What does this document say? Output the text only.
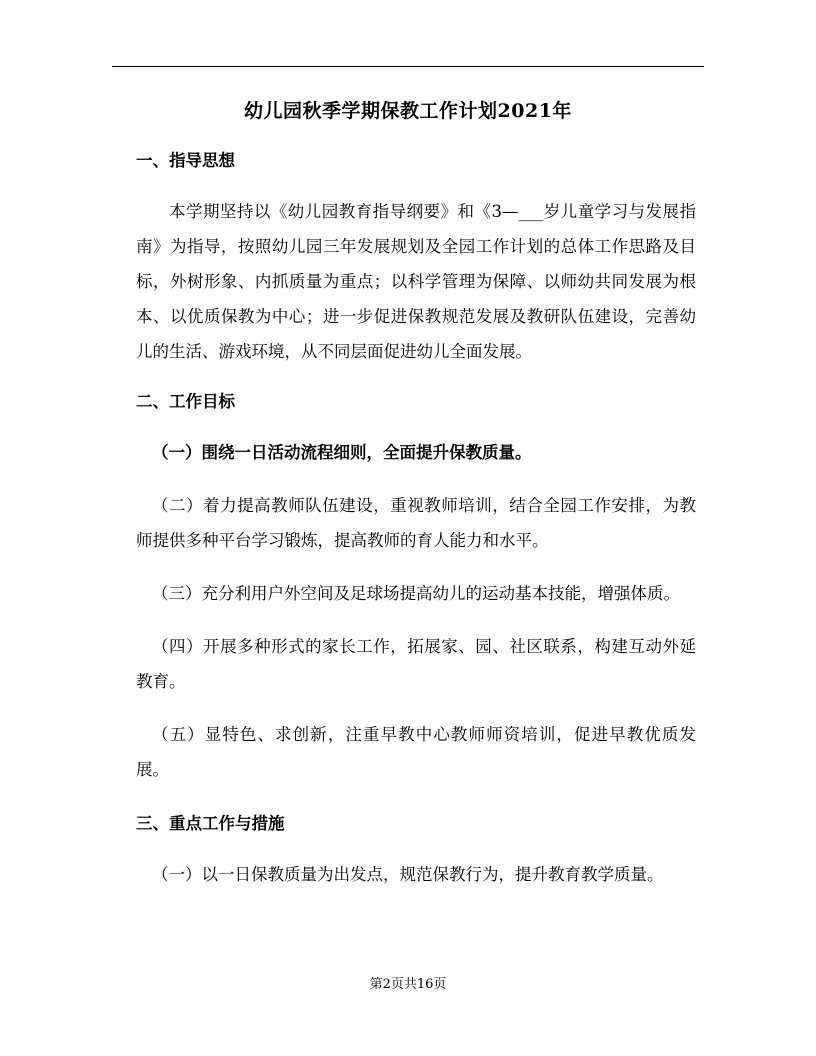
幼儿园秋季学期保教工作计划2021年
一、指导思想

本学期坚持以《幼儿园教育指导纲要》和《3—___岁儿童学习与发展指南》为指导，按照幼儿园三年发展规划及全园工作计划的总体工作思路及目标，外树形象、内抓质量为重点；以科学管理为保障、以师幼共同发展为根本、以优质保教为中心；进一步促进保教规范发展及教研队伍建设，完善幼儿的生活、游戏环境，从不同层面促进幼儿全面发展。

二、工作目标

（一）围绕一日活动流程细则，全面提升保教质量。

（二）着力提高教师队伍建设，重视教师培训，结合全园工作安排，为教师提供多种平台学习锻炼，提高教师的育人能力和水平。

（三）充分利用户外空间及足球场提高幼儿的运动基本技能，增强体质。

（四）开展多种形式的家长工作，拓展家、园、社区联系，构建互动外延教育。

（五）显特色、求创新，注重早教中心教师师资培训，促进早教优质发展。

三、重点工作与措施

（一）以一日保教质量为出发点，规范保教行为，提升教育教学质量。

第2页共16页
